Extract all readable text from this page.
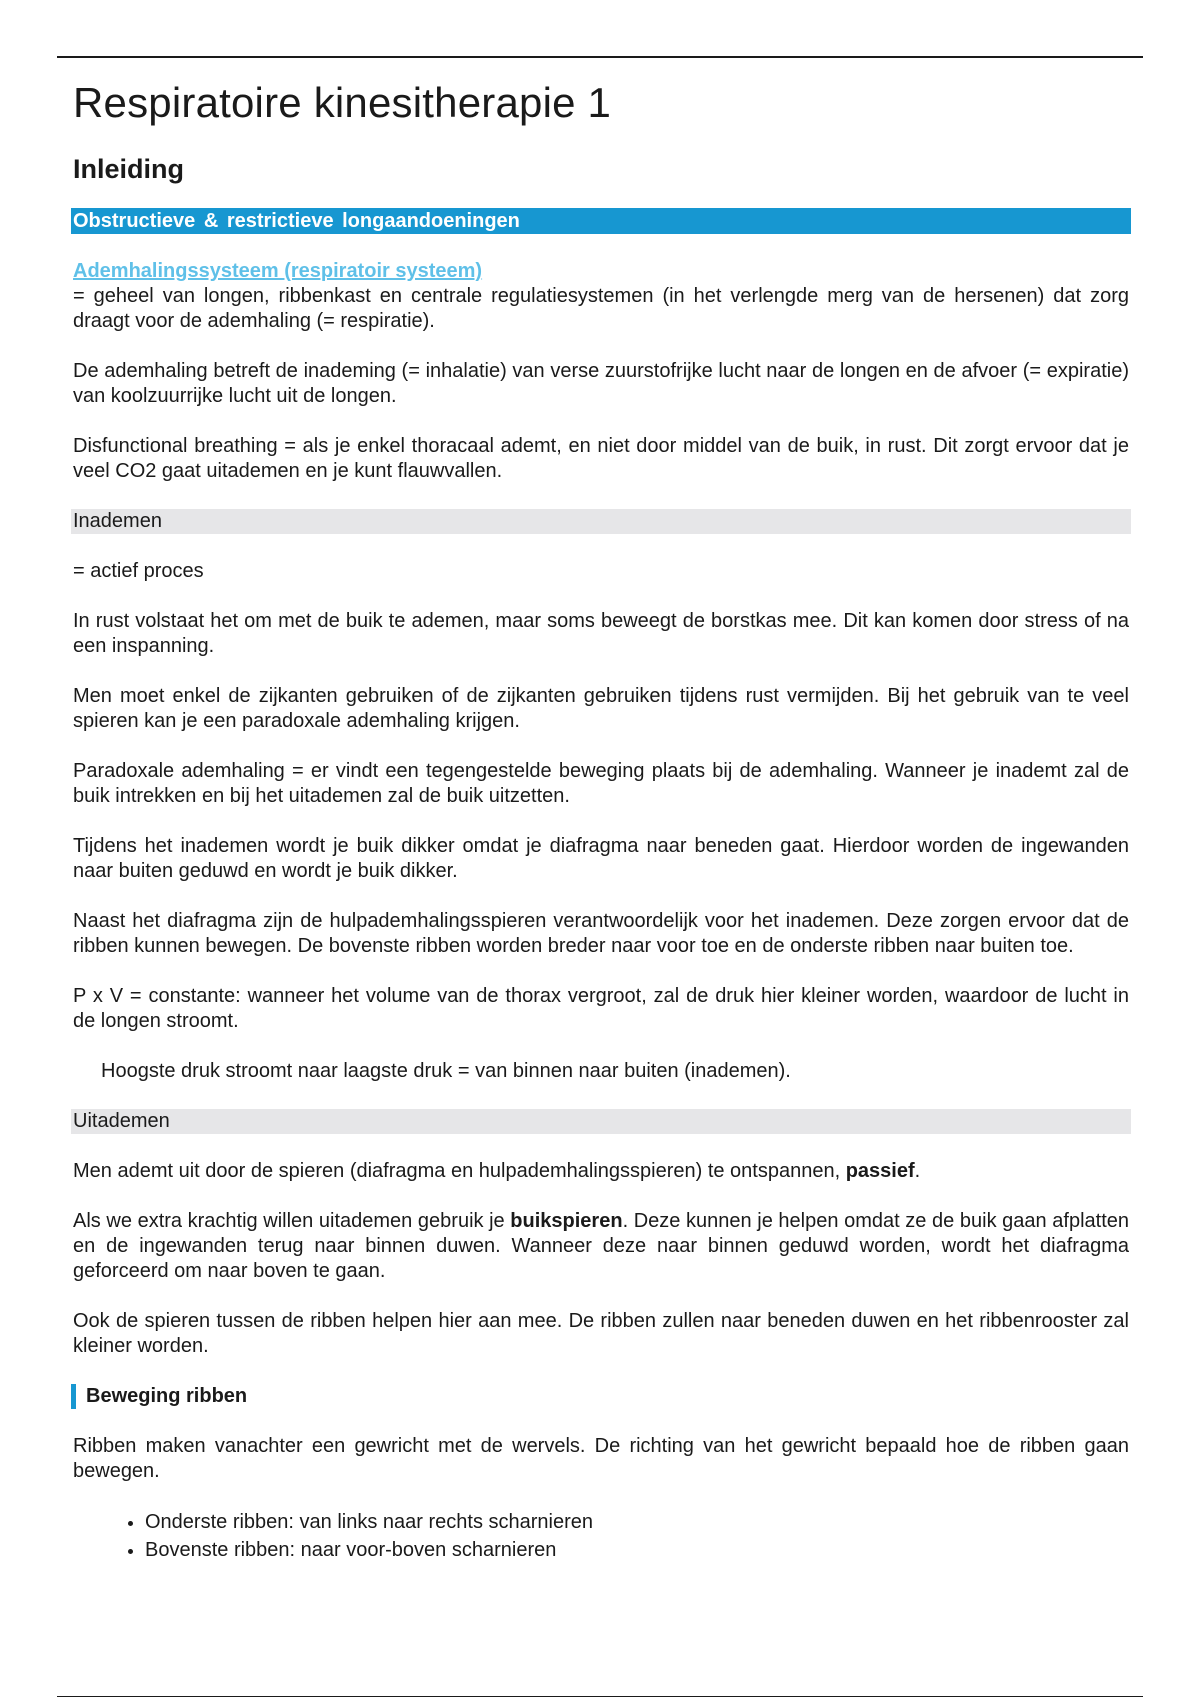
Respiratoire kinesitherapie 1
Inleiding
Obstructieve & restrictieve longaandoeningen
Ademhalingssysteem (respiratoir systeem)

= geheel van longen, ribbenkast en centrale regulatiesystemen (in het verlengde merg van de hersenen) dat zorg draagt voor de ademhaling (= respiratie).

De ademhaling betreft de inademing (= inhalatie) van verse zuurstofrijke lucht naar de longen en de afvoer (= expiratie) van koolzuurrijke lucht uit de longen.

Disfunctional breathing = als je enkel thoracaal ademt, en niet door middel van de buik, in rust. Dit zorgt ervoor dat je veel CO2 gaat uitademen en je kunt flauwvallen.

Inademen

= actief proces

In rust volstaat het om met de buik te ademen, maar soms beweegt de borstkas mee. Dit kan komen door stress of na een inspanning.

Men moet enkel de zijkanten gebruiken of de zijkanten gebruiken tijdens rust vermijden. Bij het gebruik van te veel spieren kan je een paradoxale ademhaling krijgen.

Paradoxale ademhaling = er vindt een tegengestelde beweging plaats bij de ademhaling. Wanneer je inademt zal de buik intrekken en bij het uitademen zal de buik uitzetten.

Tijdens het inademen wordt je buik dikker omdat je diafragma naar beneden gaat. Hierdoor worden de ingewanden naar buiten geduwd en wordt je buik dikker.

Naast het diafragma zijn de hulpademhalingsspieren verantwoordelijk voor het inademen. Deze zorgen ervoor dat de ribben kunnen bewegen. De bovenste ribben worden breder naar voor toe en de onderste ribben naar buiten toe.

P x V = constante: wanneer het volume van de thorax vergroot, zal de druk hier kleiner worden, waardoor de lucht in de longen stroomt.

Hoogste druk stroomt naar laagste druk = van binnen naar buiten (inademen).

Uitademen

Men ademt uit door de spieren (diafragma en hulpademhalingsspieren) te ontspannen, passief.

Als we extra krachtig willen uitademen gebruik je buikspieren. Deze kunnen je helpen omdat ze de buik gaan afplatten en de ingewanden terug naar binnen duwen. Wanneer deze naar binnen geduwd worden, wordt het diafragma geforceerd om naar boven te gaan.

Ook de spieren tussen de ribben helpen hier aan mee. De ribben zullen naar beneden duwen en het ribbenrooster zal kleiner worden.

Beweging ribben

Ribben maken vanachter een gewricht met de wervels. De richting van het gewricht bepaald hoe de ribben gaan bewegen.

• Onderste ribben: van links naar rechts scharnieren
• Bovenste ribben: naar voor-boven scharnieren
